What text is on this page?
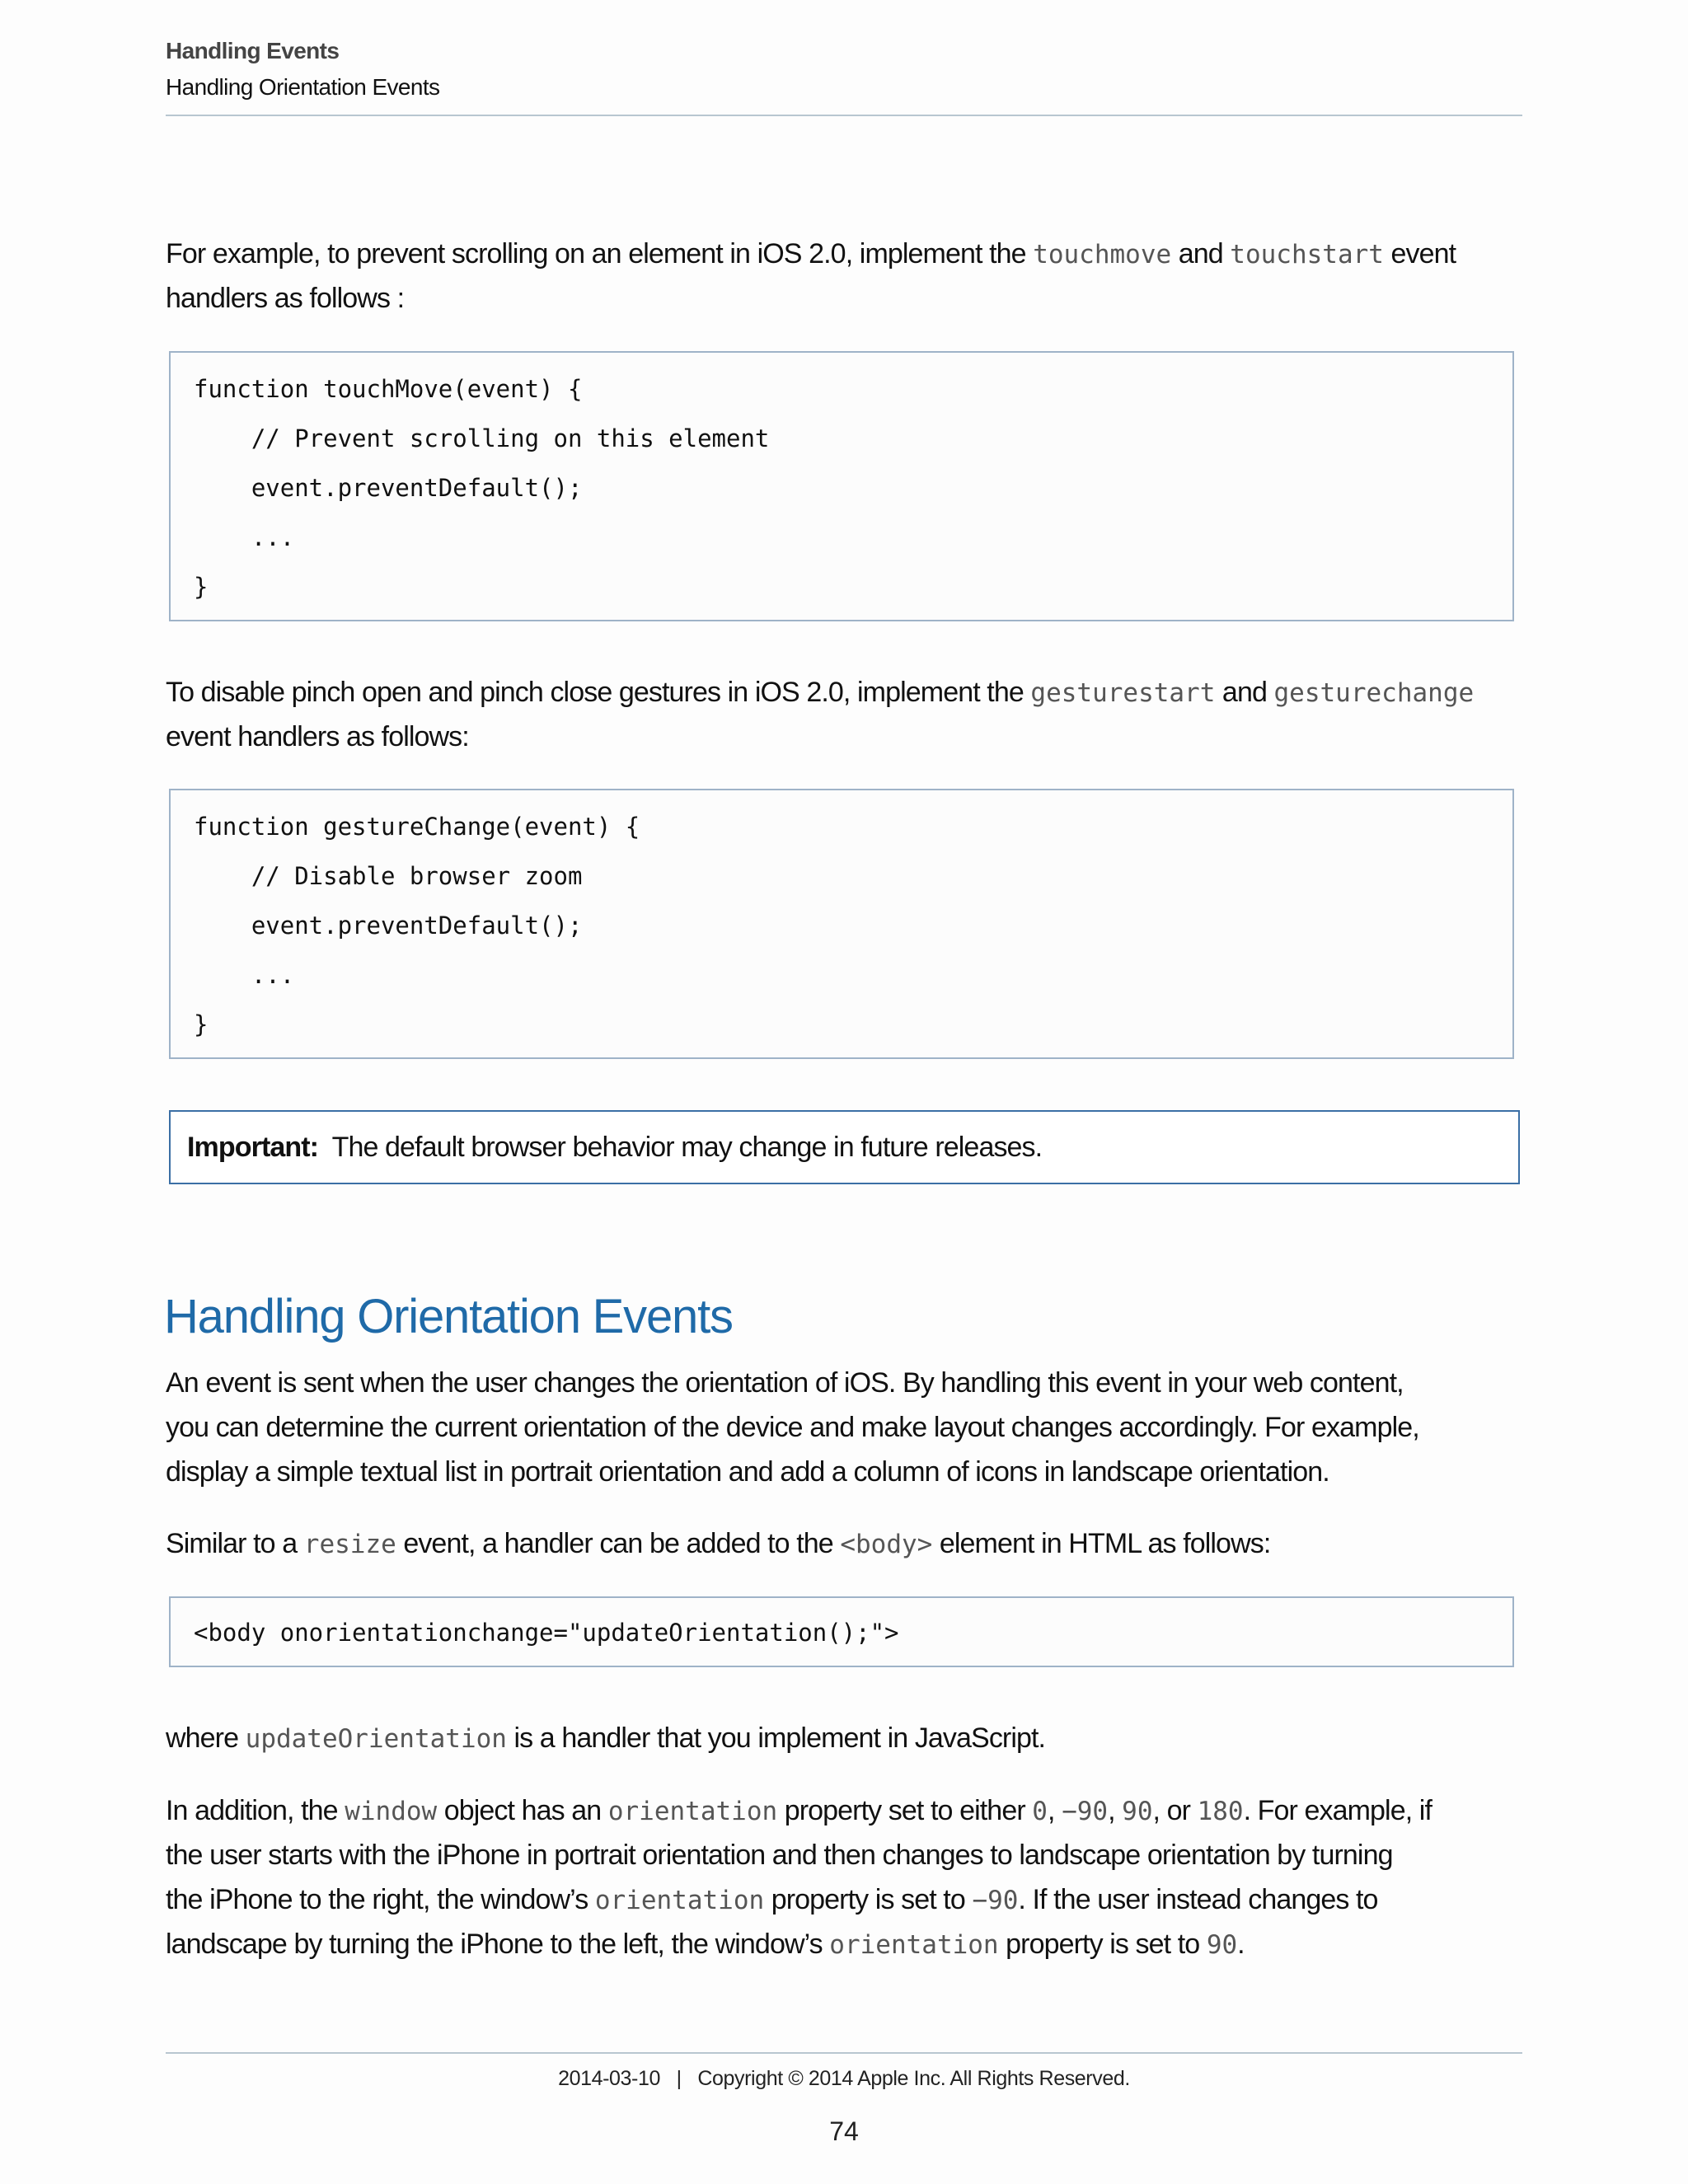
Handling Events
Handling Orientation Events
For example, to prevent scrolling on an element in iOS 2.0, implement the touchmove and touchstart event
handlers as follows :
function touchMove(event) {
// Prevent scrolling on this element
event.preventDefault();
...
}
To disable pinch open and pinch close gestures in iOS 2.0, implement the gesturestart and gesturechange
event handlers as follows:
function gestureChange(event) {
// Disable browser zoom
event.preventDefault();
...
}
Important: The default browser behavior may change in future releases.
Handling Orientation Events
An event is sent when the user changes the orientation of iOS. By handling this event in your web content,
you can determine the current orientation of the device and make layout changes accordingly. For example,
display a simple textual list in portrait orientation and add a column of icons in landscape orientation.
Similar to a resize event, a handler can be added to the <body> element in HTML as follows:
<body onorientationchange="updateOrientation();">
where updateOrientation is a handler that you implement in JavaScript.
In addition, the window object has an orientation property set to either 0, −90, 90, or 180. For example, if
the user starts with the iPhone in portrait orientation and then changes to landscape orientation by turning
the iPhone to the right, the window’s orientation property is set to −90. If the user instead changes to
landscape by turning the iPhone to the left, the window’s orientation property is set to 90.
2014-03-10 | Copyright © 2014 Apple Inc. All Rights Reserved.
74
